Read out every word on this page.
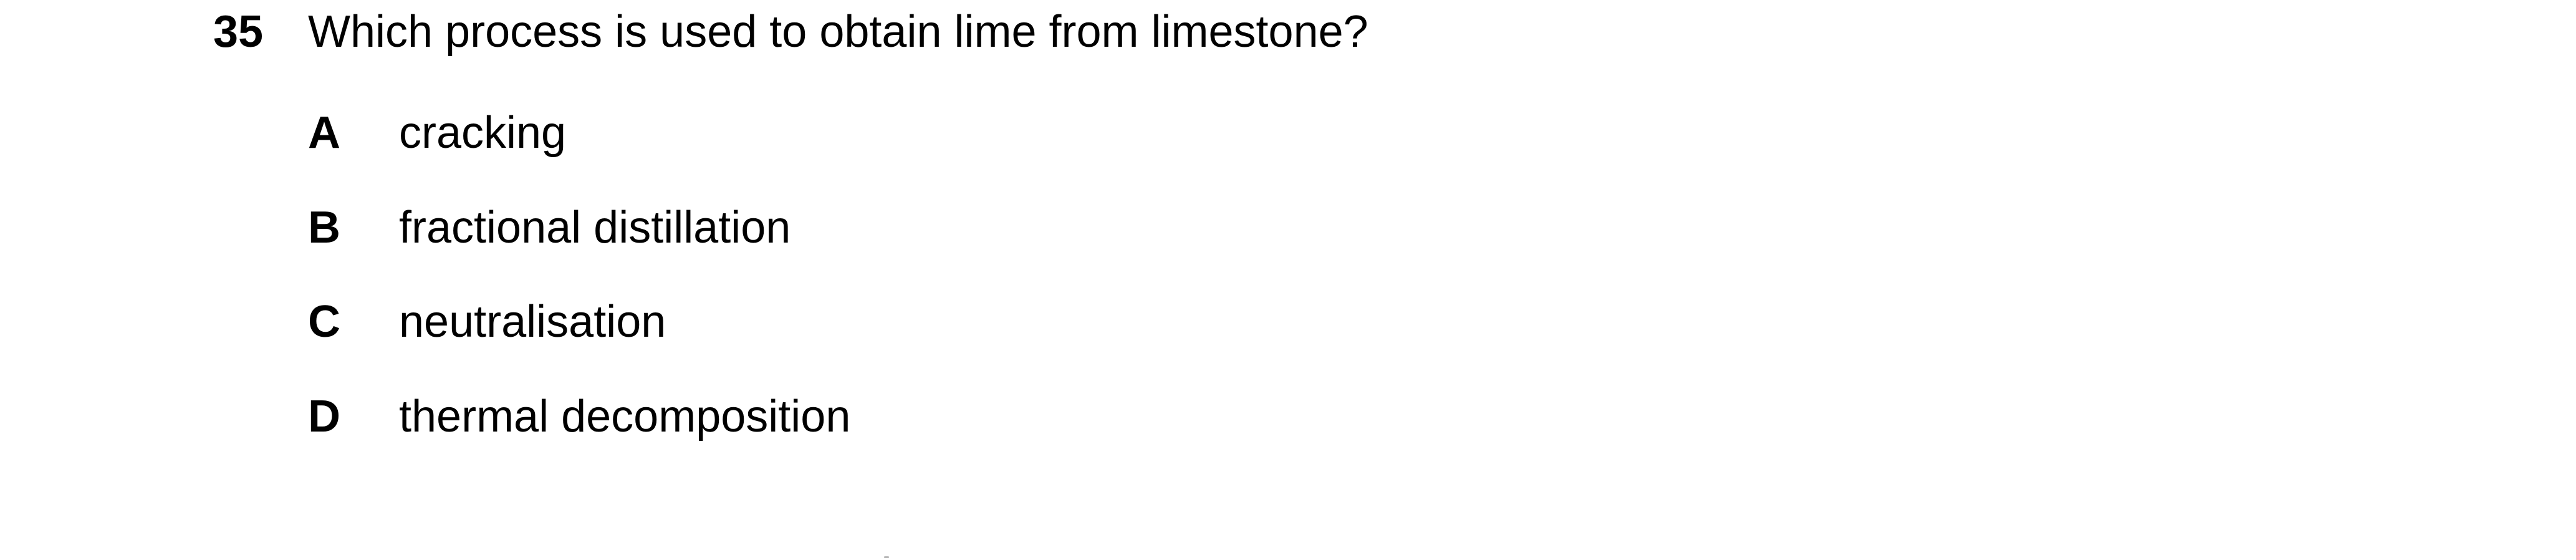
35 Which process is used to obtain lime from limestone?
A cracking
B fractional distillation
C neutralisation
D thermal decomposition
